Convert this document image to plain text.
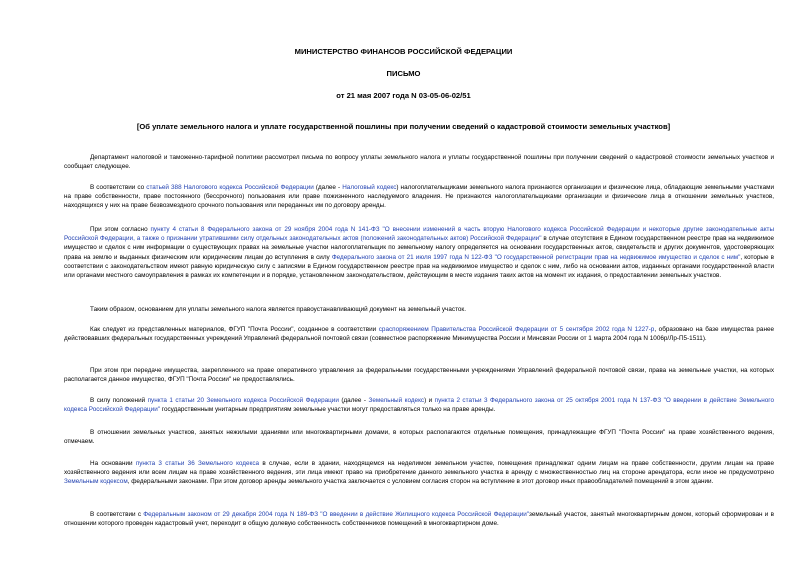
МИНИСТЕРСТВО ФИНАНСОВ РОССИЙСКОЙ ФЕДЕРАЦИИ
ПИСЬМО
от 21 мая 2007 года N 03-05-06-02/51
[Об уплате земельного налога и уплате государственной пошлины при получении сведений о кадастровой стоимости земельных участков]

Департамент налоговой и таможенно-тарифной политики рассмотрел письма по вопросу уплаты земельного налога и уплаты государственной пошлины при получении сведений о кадастровой стоимости земельных участков и сообщает следующее.

В соответствии со статьей 388 Налогового кодекса Российской Федерации (далее - Налоговый кодекс) налогоплательщиками земельного налога признаются организации и физические лица, обладающие земельными участками на праве собственности, праве постоянного (бессрочного) пользования или праве пожизненного наследуемого владения. Не признаются налогоплательщиками организации и физические лица в отношении земельных участков, находящихся у них на праве безвозмездного срочного пользования или переданных им по договору аренды.

При этом согласно пункту 4 статьи 8 Федерального закона от 29 ноября 2004 года N 141-ФЗ "О внесении изменений в часть вторую Налогового кодекса Российской Федерации и некоторые другие законодательные акты Российской Федерации, а также о признании утратившими силу отдельных законодательных актов (положений законодательных актов) Российской Федерации" в случае отсутствия в Едином государственном реестре прав на недвижимое имущество и сделок с ним информации о существующих правах на земельные участки налогоплательщик по земельному налогу определяется на основании государственных актов, свидетельств и других документов, удостоверяющих права на землю и выданных физическим или юридическим лицам до вступления в силу Федерального закона от 21 июля 1997 года N 122-ФЗ "О государственной регистрации прав на недвижимое имущество и сделок с ним", которые в соответствии с законодательством имеют равную юридическую силу с записями в Едином государственном реестре прав на недвижимое имущество и сделок с ним, либо на основании актов, изданных органами государственной власти или органами местного самоуправления в рамках их компетенции и в порядке, установленном законодательством, действующим в месте издания таких актов на момент их издания, о предоставлении земельных участков.

Таким образом, основанием для уплаты земельного налога является правоустанавливающий документ на земельный участок.

Как следует из представленных материалов, ФГУП "Почта России", созданное в соответствии сраспоряжением Правительства Российской Федерации от 5 сентября 2002 года N 1227-р, образовано на базе имущества ранее действовавших федеральных государственных учреждений Управлений федеральной почтовой связи (совместное распоряжение Минимущества России и Минсвязи России от 1 марта 2004 года N 1006р/Лр-П5-1511).

При этом при передаче имущества, закрепленного на праве оперативного управления за федеральными государственными учреждениями Управлений федеральной почтовой связи, права на земельные участки, на которых располагается данное имущество, ФГУП "Почта России" не предоставлялись.

В силу положений пункта 1 статьи 20 Земельного кодекса Российской Федерации (далее - Земельный кодекс) и пункта 2 статьи 3 Федерального закона от 25 октября 2001 года N 137-ФЗ "О введении в действие Земельного кодекса Российской Федерации" государственным унитарным предприятиям земельные участки могут предоставляться только на праве аренды.

В отношении земельных участков, занятых нежилыми зданиями или многоквартирными домами, в которых располагаются отдельные помещения, принадлежащие ФГУП "Почта России" на праве хозяйственного ведения, отмечаем.

На основании пункта 3 статьи 36 Земельного кодекса в случае, если в здании, находящемся на неделимом земельном участке, помещения принадлежат одним лицам на праве собственности, другим лицам на праве хозяйственного ведения или всем лицам на праве хозяйственного ведения, эти лица имеют право на приобретение данного земельного участка в аренду с множественностью лиц на стороне арендатора, если иное не предусмотрено Земельным кодексом, федеральными законами. При этом договор аренды земельного участка заключается с условием согласия сторон на вступление в этот договор иных правообладателей помещений в этом здании.

В соответствии с Федеральным законом от 29 декабря 2004 года N 189-ФЗ "О введении в действие Жилищного кодекса Российской Федерации"земельный участок, занятый многоквартирным домом, который сформирован и в отношении которого проведен кадастровый учет, переходит в общую долевую собственность собственников помещений в многоквартирном доме.
